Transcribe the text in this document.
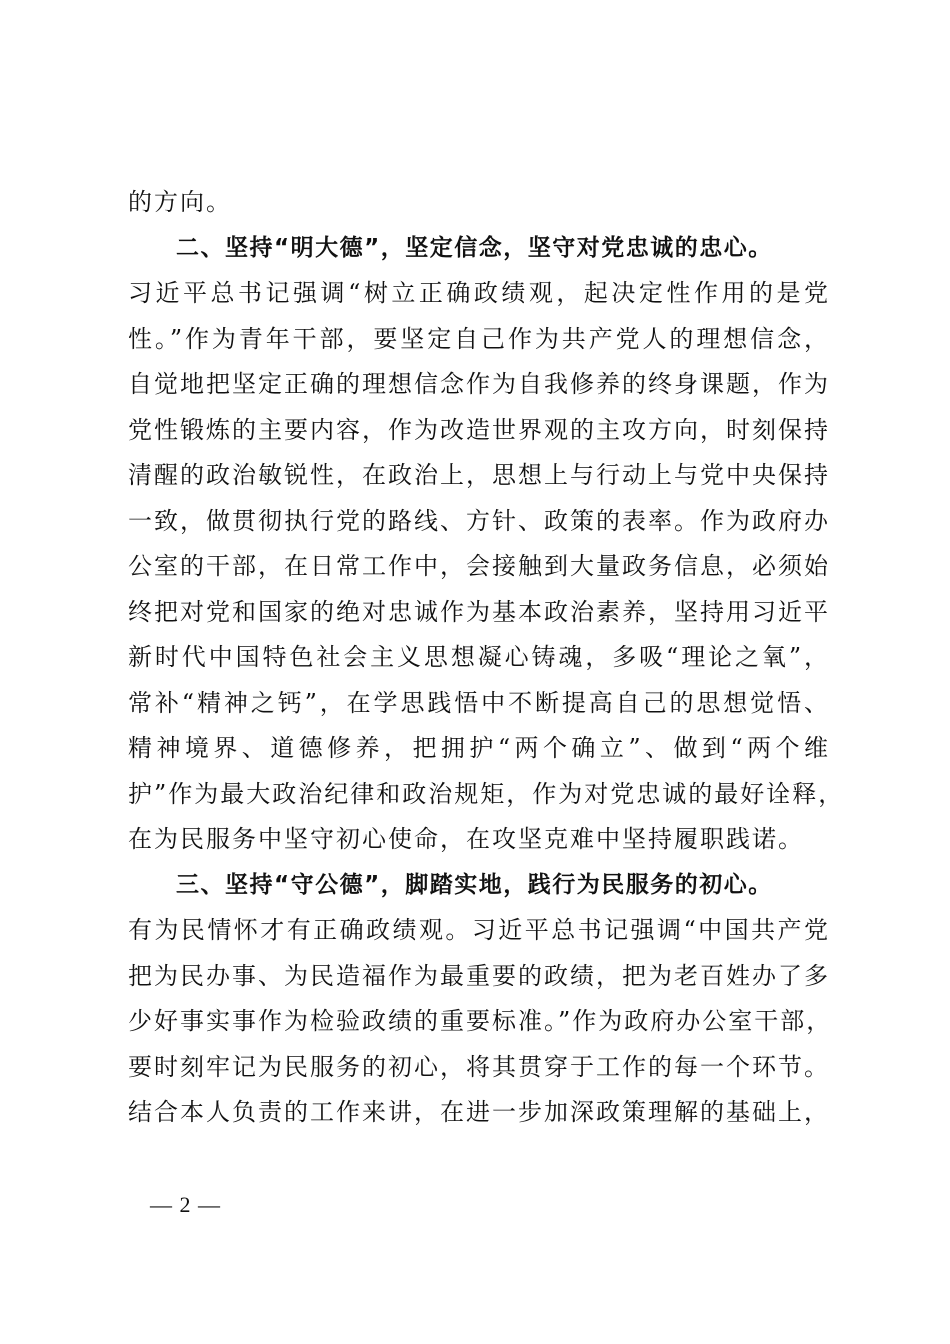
的方向。
二、坚持“明大德”，坚定信念，坚守对党忠诚的忠心。
习近平总书记强调“树立正确政绩观，起决定性作用的是党
性。”作为青年干部，要坚定自己作为共产党人的理想信念，
自觉地把坚定正确的理想信念作为自我修养的终身课题，作为
党性锻炼的主要内容，作为改造世界观的主攻方向，时刻保持
清醒的政治敏锐性，在政治上，思想上与行动上与党中央保持
一致，做贯彻执行党的路线、方针、政策的表率。作为政府办
公室的干部，在日常工作中，会接触到大量政务信息，必须始
终把对党和国家的绝对忠诚作为基本政治素养，坚持用习近平
新时代中国特色社会主义思想凝心铸魂，多吸“理论之氧”，
常补“精神之钙”，在学思践悟中不断提高自己的思想觉悟、
精神境界、道德修养，把拥护“两个确立”、做到“两个维
护”作为最大政治纪律和政治规矩，作为对党忠诚的最好诠释，
在为民服务中坚守初心使命，在攻坚克难中坚持履职践诺。
三、坚持“守公德”，脚踏实地，践行为民服务的初心。
有为民情怀才有正确政绩观。习近平总书记强调“中国共产党
把为民办事、为民造福作为最重要的政绩，把为老百姓办了多
少好事实事作为检验政绩的重要标准。”作为政府办公室干部，
要时刻牢记为民服务的初心，将其贯穿于工作的每一个环节。
结合本人负责的工作来讲，在进一步加深政策理解的基础上，
— 2 —
